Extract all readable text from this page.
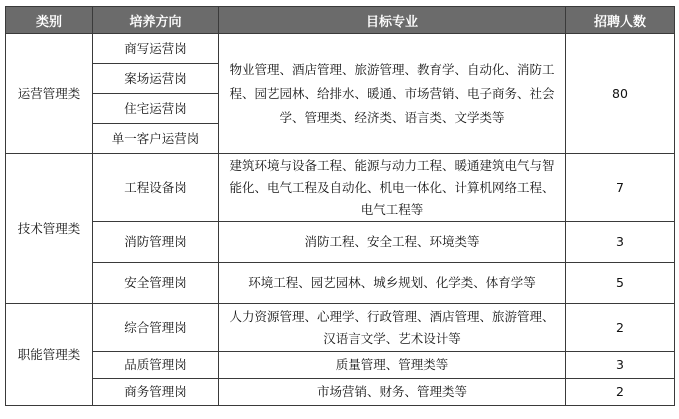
类别	培养方向	目标专业	招聘人数
运营管理类	商写运营岗	物业管理、酒店管理、旅游管理、教育学、自动化、消防工程、园艺园林、给排水、暖通、市场营销、电子商务、社会学、管理类、经济类、语言类、文学类等	80
	案场运营岗		
	住宅运营岗		
	单一客户运营岗		
技术管理类	工程设备岗	建筑环境与设备工程、能源与动力工程、暖通建筑电气与智能化、电气工程及自动化、机电一体化、计算机网络工程、电气工程等	7
	消防管理岗	消防工程、安全工程、环境类等	3
	安全管理岗	环境工程、园艺园林、城乡规划、化学类、体育学等	5
职能管理类	综合管理岗	人力资源管理、心理学、行政管理、酒店管理、旅游管理、汉语言文学、艺术设计等	2
	品质管理岗	质量管理、管理类等	3
	商务管理岗	市场营销、财务、管理类等	2
